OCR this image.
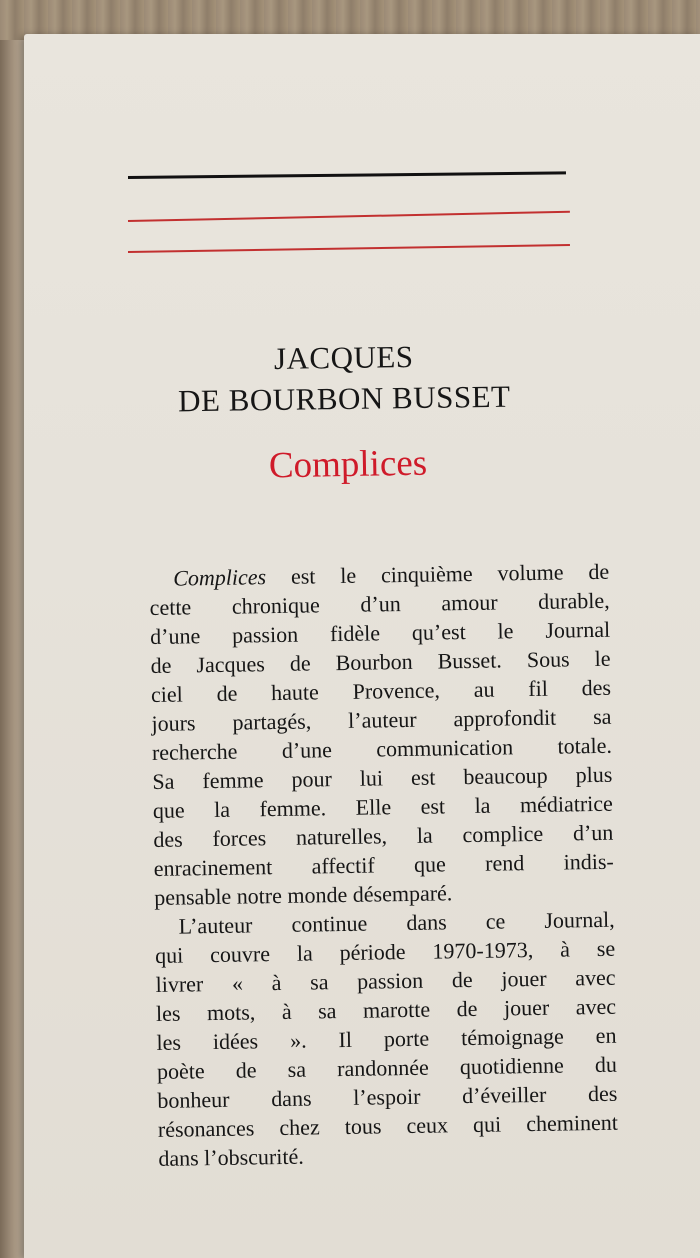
JACQUES
DE BOURBON BUSSET
Complices
Complices est le cinquième volume de
cette chronique d’un amour durable,
d’une passion fidèle qu’est le Journal
de Jacques de Bourbon Busset. Sous le
ciel de haute Provence, au fil des
jours partagés, l’auteur approfondit sa
recherche d’une communication totale.
Sa femme pour lui est beaucoup plus
que la femme. Elle est la médiatrice
des forces naturelles, la complice d’un
enracinement affectif que rend indis-
pensable notre monde désemparé.
L’auteur continue dans ce Journal,
qui couvre la période 1970-1973, à se
livrer « à sa passion de jouer avec
les mots, à sa marotte de jouer avec
les idées ». Il porte témoignage en
poète de sa randonnée quotidienne du
bonheur dans l’espoir d’éveiller des
résonances chez tous ceux qui cheminent
dans l’obscurité.
